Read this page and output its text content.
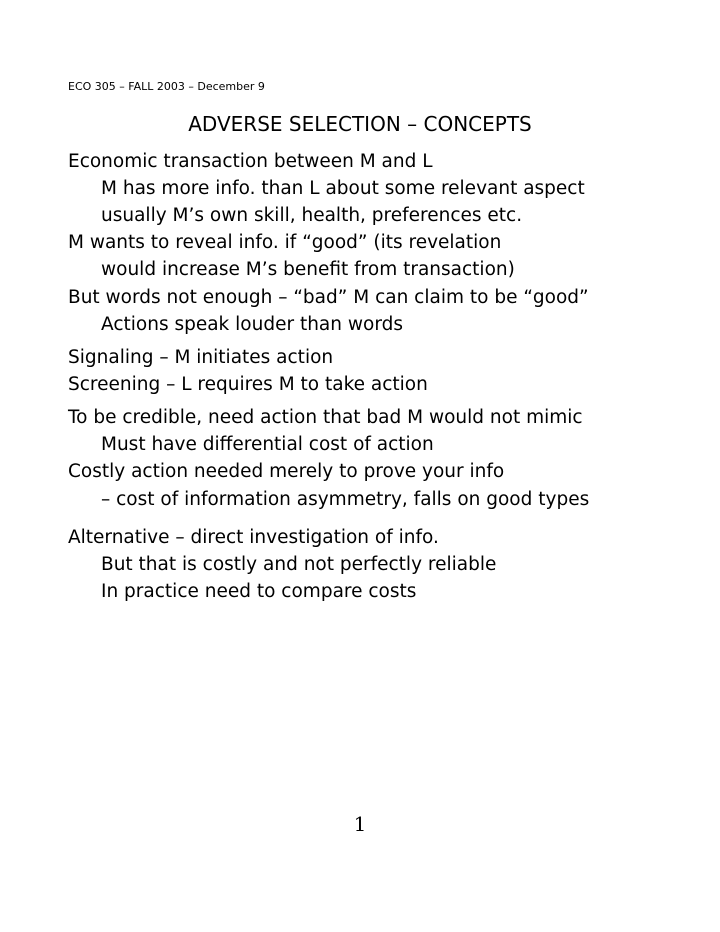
ECO 305 – FALL 2003 – December 9
ADVERSE SELECTION – CONCEPTS
Economic transaction between M and L
M has more info. than L about some relevant aspect
usually M’s own skill, health, preferences etc.
M wants to reveal info. if “good” (its revelation
would increase M’s benefit from transaction)
But words not enough – “bad” M can claim to be “good”
Actions speak louder than words
Signaling – M initiates action
Screening – L requires M to take action
To be credible, need action that bad M would not mimic
Must have differential cost of action
Costly action needed merely to prove your info
– cost of information asymmetry, falls on good types
Alternative – direct investigation of info.
But that is costly and not perfectly reliable
In practice need to compare costs
1
